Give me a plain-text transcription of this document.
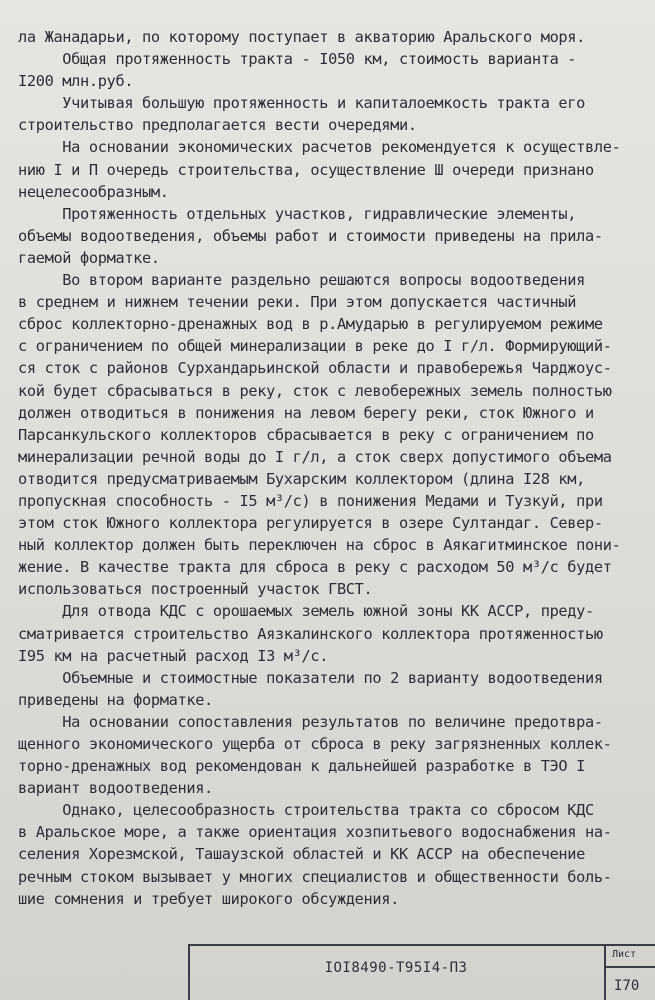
ла Жанадарьи, по которому поступает в акваторию Аральского моря.
Общая протяженность тракта - I050 км, стоимость варианта -
I200 млн.руб.
Учитывая большую протяженность и капиталоемкость тракта его
строительство предполагается вести очередями.
На основании экономических расчетов рекомендуется к осуществле-
нию I и П очередь строительства, осуществление Ш очереди признано
нецелесообразным.
Протяженность отдельных участков, гидравлические элементы,
объемы водоотведения, объемы работ и стоимости приведены на прила-
гаемой форматке.
Во втором варианте раздельно решаются вопросы водоотведения
в среднем и нижнем течении реки. При этом допускается частичный
сброс коллекторно-дренажных вод в р.Амударью в регулируемом режиме
с ограничением по общей минерализации в реке до I г/л. Формирующий-
ся сток с районов Сурхандарьинской области и правобережья Чарджоус-
кой будет сбрасываться в реку, сток с левобережных земель полностью
должен отводиться в понижения на левом берегу реки, сток Южного и
Парсанкульского коллекторов сбрасывается в реку с ограничением по
минерализации речной воды до I г/л, а сток сверх допустимого объема
отводится предусматриваемым Бухарским коллектором (длина I28 км,
пропускная способность - I5 м³/с) в понижения Медами и Тузкуй, при
этом сток Южного коллектора регулируется в озере Султандаг. Север-
ный коллектор должен быть переключен на сброс в Аякагитминское пони-
жение. В качестве тракта для сброса в реку с расходом 50 м³/с будет
использоваться построенный участок ГВСТ.
Для отвода КДС с орошаемых земель южной зоны КК АССР, преду-
сматривается строительство Аязкалинского коллектора протяженностью
I95 км на расчетный расход I3 м³/с.
Объемные и стоимостные показатели по 2 варианту водоотведения
приведены на форматке.
На основании сопоставления результатов по величине предотвра-
щенного экономического ущерба от сброса в реку загрязненных коллек-
торно-дренажных вод рекомендован к дальнейшей разработке в ТЭО I
вариант водоотведения.
Однако, целесообразность строительства тракта со сбросом КДС
в Аральское море, а также ориентация хозпитьевого водоснабжения на-
селения Хорезмской, Ташаузской областей и КК АССР на обеспечение
речным стоком вызывает у многих специалистов и общественности боль-
шие сомнения и требует широкого обсуждения.
IOI8490-Т95I4-ПЗ
Лист
I70
